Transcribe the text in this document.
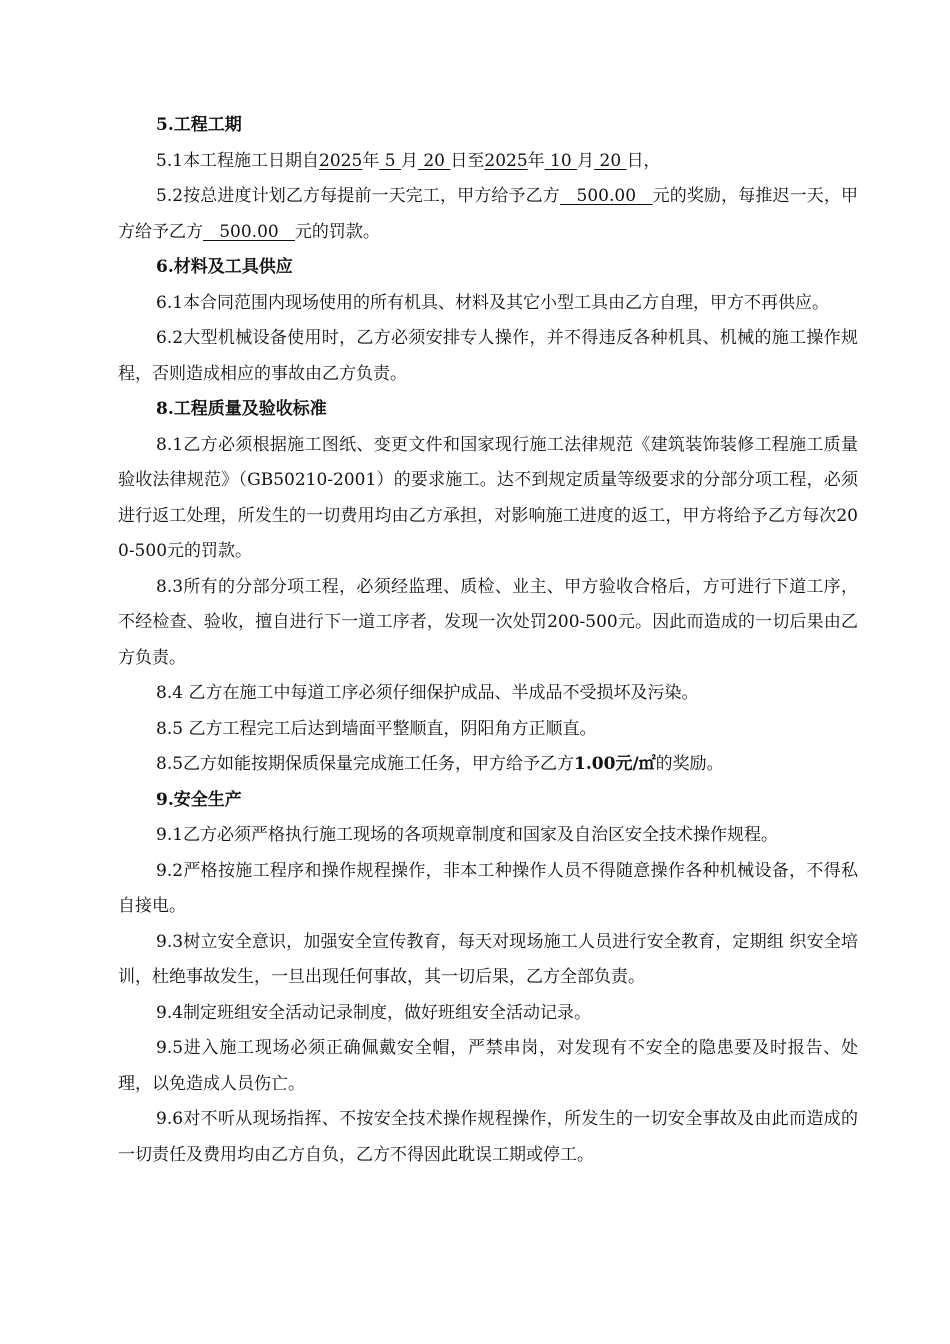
5.工程工期

5.1本工程施工日期自2025年 5 月 20 日至2025年 10 月 20 日，

5.2按总进度计划乙方每提前一天完工，甲方给予乙方   500.00   元的奖励，每推迟一天，甲方给予乙方   500.00   元的罚款。

6.材料及工具供应

6.1本合同范围内现场使用的所有机具、材料及其它小型工具由乙方自理，甲方不再供应。

6.2大型机械设备使用时，乙方必须安排专人操作，并不得违反各种机具、机械的施工操作规程，否则造成相应的事故由乙方负责。

8.工程质量及验收标准

8.1乙方必须根据施工图纸、变更文件和国家现行施工法律规范《建筑装饰装修工程施工质量验收法律规范》（GB50210-2001）的要求施工。达不到规定质量等级要求的分部分项工程，必须进行返工处理，所发生的一切费用均由乙方承担，对影响施工进度的返工，甲方将给予乙方每次200-500元的罚款。

8.3所有的分部分项工程，必须经监理、质检、业主、甲方验收合格后，方可进行下道工序，不经检查、验收，擅自进行下一道工序者，发现一次处罚200-500元。因此而造成的一切后果由乙方负责。

8.4 乙方在施工中每道工序必须仔细保护成品、半成品不受损坏及污染。

8.5 乙方工程完工后达到墙面平整顺直，阴阳角方正顺直。

8.5乙方如能按期保质保量完成施工任务，甲方给予乙方1.00元/㎡的奖励。

9.安全生产

9.1乙方必须严格执行施工现场的各项规章制度和国家及自治区安全技术操作规程。

9.2严格按施工程序和操作规程操作，非本工种操作人员不得随意操作各种机械设备，不得私自接电。

9.3树立安全意识，加强安全宣传教育，每天对现场施工人员进行安全教育，定期组 织安全培训，杜绝事故发生，一旦出现任何事故，其一切后果，乙方全部负责。

9.4制定班组安全活动记录制度，做好班组安全活动记录。

9.5进入施工现场必须正确佩戴安全帽，严禁串岗，对发现有不安全的隐患要及时报告、处理，以免造成人员伤亡。

9.6对不听从现场指挥、不按安全技术操作规程操作，所发生的一切安全事故及由此而造成的一切责任及费用均由乙方自负，乙方不得因此耽误工期或停工。
